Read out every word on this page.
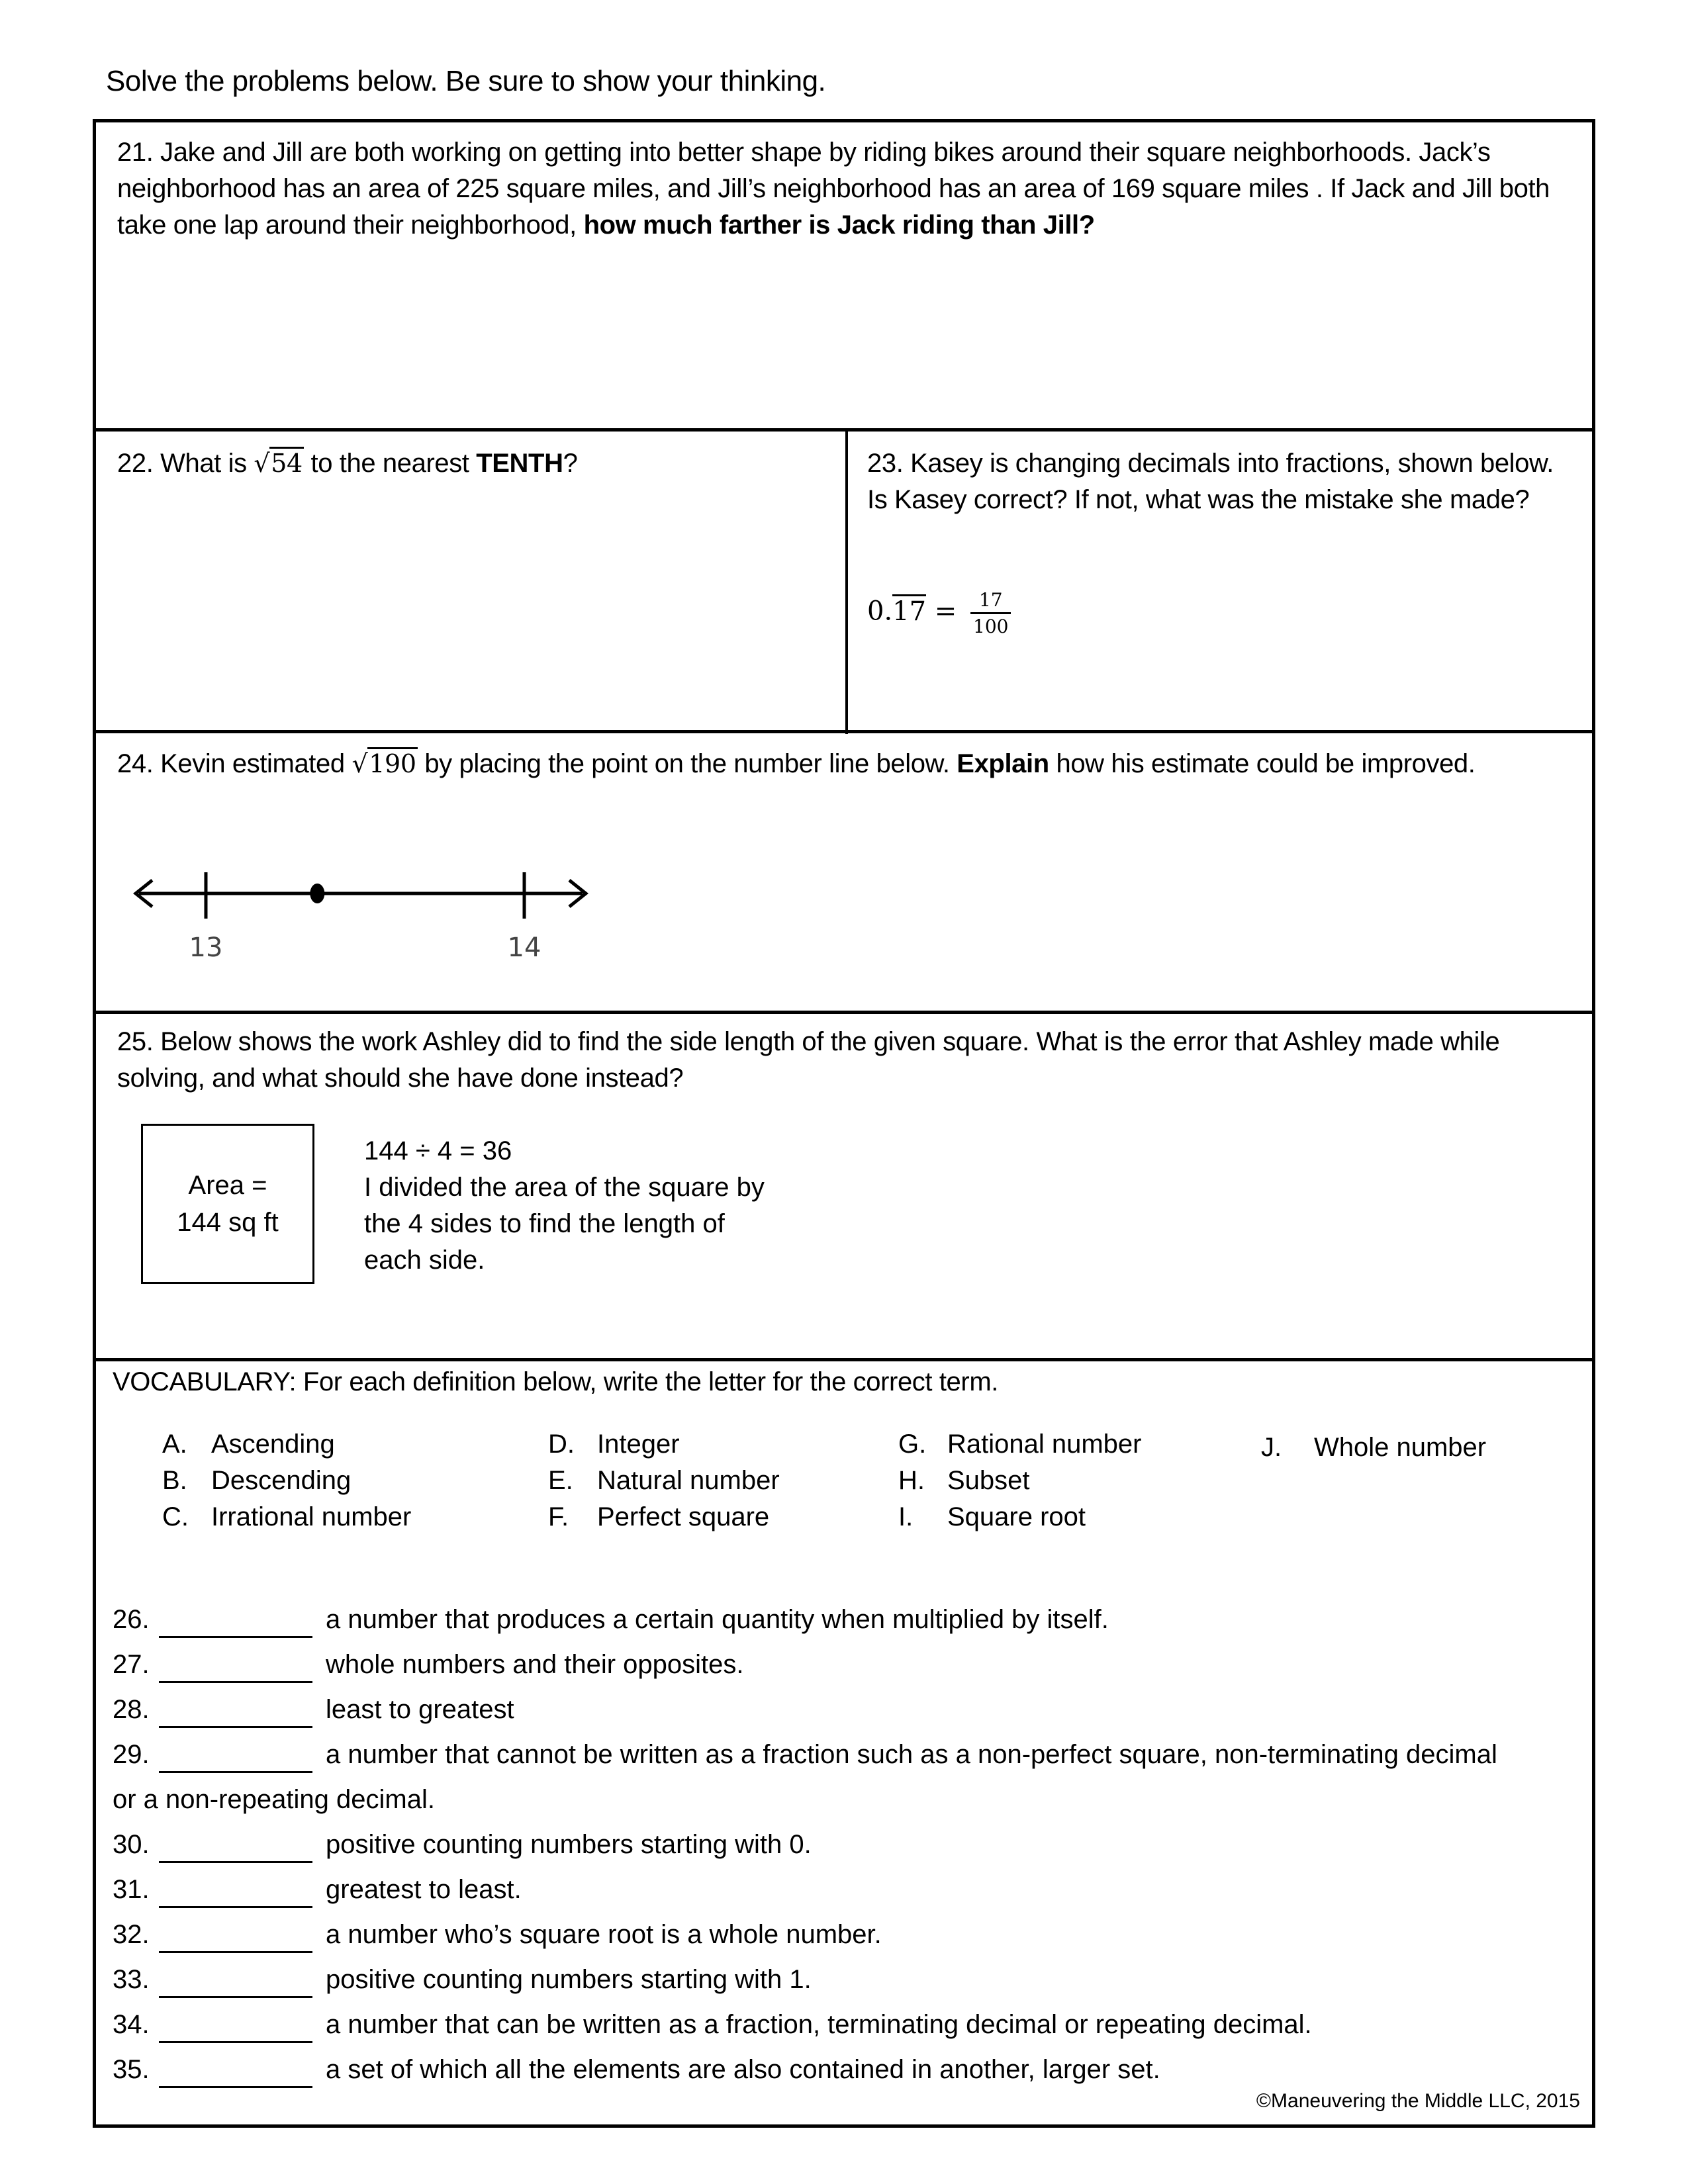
Solve the problems below. Be sure to show your thinking.
21. Jake and Jill are both working on getting into better shape by riding bikes around their square neighborhoods. Jack’s neighborhood has an area of 225 square miles, and Jill’s neighborhood has an area of 169 square miles . If Jack and Jill both take one lap around their neighborhood, how much farther is Jack riding than Jill?
22. What is √54 to the nearest TENTH?	23. Kasey is changing decimals into fractions, shown below. Is Kasey correct? If not, what was the mistake she made?
$0.17 = \frac{17}{100}$
24. Kevin estimated √190 by placing the point on the number line below. Explain how his estimate could be improved.
25. Below shows the work Ashley did to find the side length of the given square. What is the error that Ashley made while solving, and what should she have done instead?
©Maneuvering the Middle LLC, 2015
13	14
Area =
144 sq ft
144 ÷ 4 = 36
I divided the area of the square by
the 4 sides to find the length of
each side.
VOCABULARY: For each definition below, write the letter for the correct term.
A. Ascending
B. Descending
C. Irrational number
D. Integer
E. Natural number
F.	Perfect square
G. Rational number
H. Subset
I.	Square root
J.	Whole number
26.	a number that produces a certain quantity when multiplied by itself.
27.	whole numbers and their opposites.
28.	least to greatest
29.	a number that cannot be written as a fraction such as a non-perfect square, non-terminating decimal
or a non-repeating decimal.
30.	positive counting numbers starting with 0.
31.	greatest to least.
32.	a number who’s square root is a whole number.
33.	positive counting numbers starting with 1.
34.	a number that can be written as a fraction, terminating decimal or repeating decimal.
35.	a set of which all the elements are also contained in another, larger set.
